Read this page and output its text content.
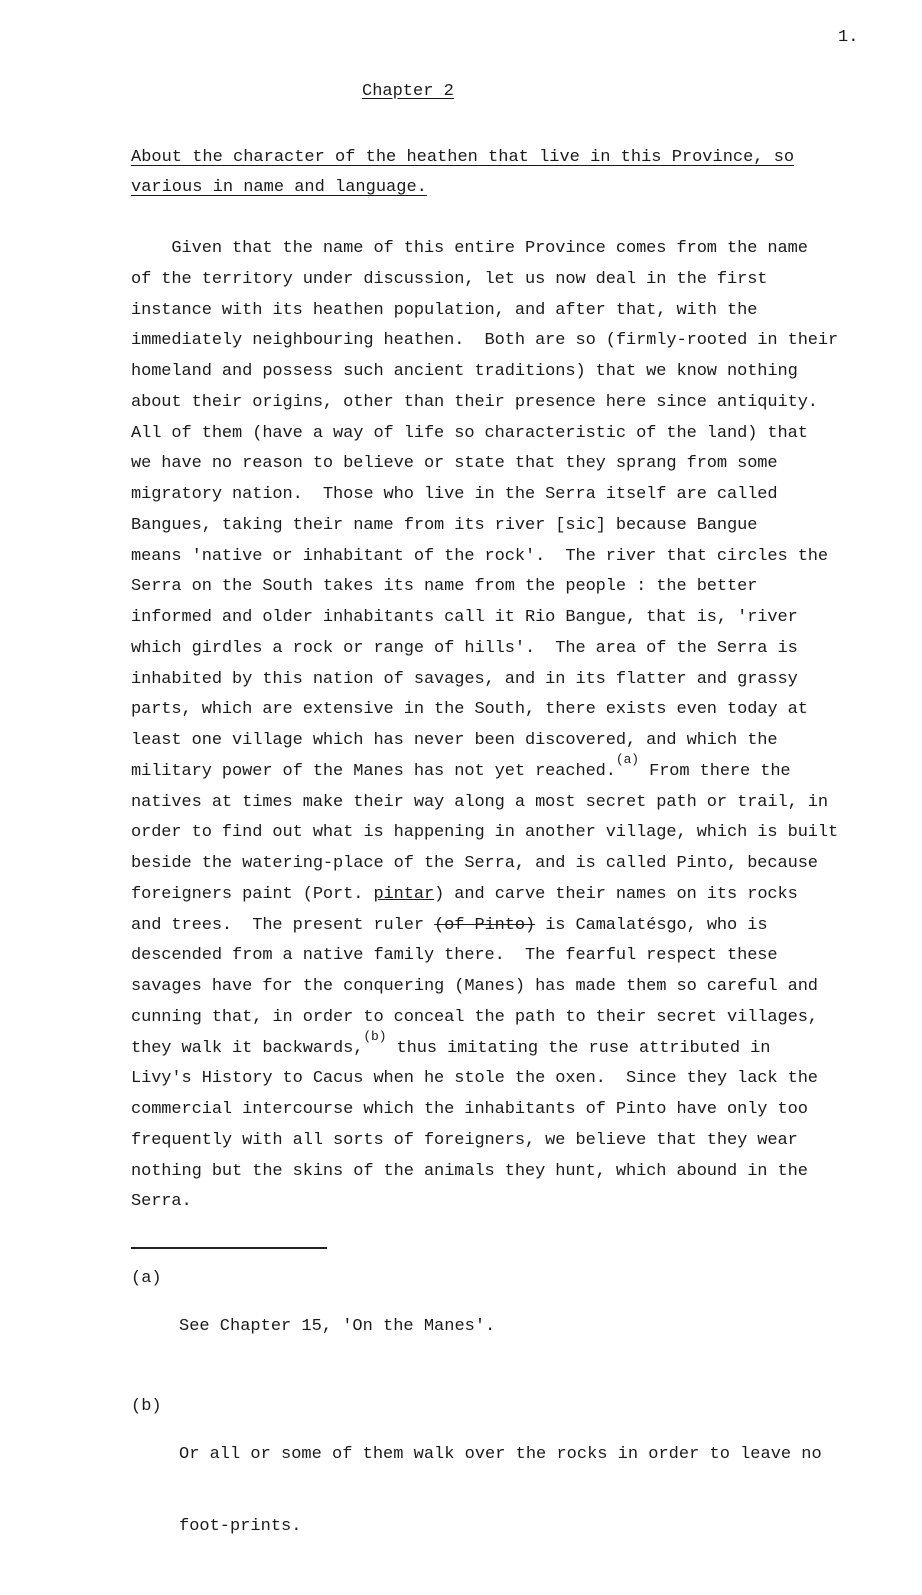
1.
Chapter 2
About the character of the heathen that live in this Province, so
various in name and language.
Given that the name of this entire Province comes from the name
of the territory under discussion, let us now deal in the first
instance with its heathen population, and after that, with the
immediately neighbouring heathen.  Both are so (firmly-rooted in their
homeland and possess such ancient traditions) that we know nothing
about their origins, other than their presence here since antiquity.
All of them (have a way of life so characteristic of the land) that
we have no reason to believe or state that they sprang from some
migratory nation.  Those who live in the Serra itself are called
Bangues, taking their name from its river [sic] because Bangue
means 'native or inhabitant of the rock'.  The river that circles the
Serra on the South takes its name from the people : the better
informed and older inhabitants call it Rio Bangue, that is, 'river
which girdles a rock or range of hills'.  The area of the Serra is
inhabited by this nation of savages, and in its flatter and grassy
parts, which are extensive in the South, there exists even today at
least one village which has never been discovered, and which the
military power of the Manes has not yet reached.$^{(a)}$ From there the
natives at times make their way along a most secret path or trail, in
order to find out what is happening in another village, which is built
beside the watering-place of the Serra, and is called Pinto, because
foreigners paint (Port. pintar) and carve their names on its rocks
and trees.  The present ruler (of Pinto) is Camalatésgo, who is
descended from a native family there.  The fearful respect these
savages have for the conquering (Manes) has made them so careful and
cunning that, in order to conceal the path to their secret villages,
they walk it backwards,$^{(b)}$ thus imitating the ruse attributed in
Livy's History to Cacus when he stole the oxen.  Since they lack the
commercial intercourse which the inhabitants of Pinto have only too
frequently with all sorts of foreigners, we believe that they wear
nothing but the skins of the animals they hunt, which abound in the
Serra.
(a)

See Chapter 15, 'On the Manes'.

(b)

Or all or some of them walk over the rocks in order to leave no

foot-prints.
